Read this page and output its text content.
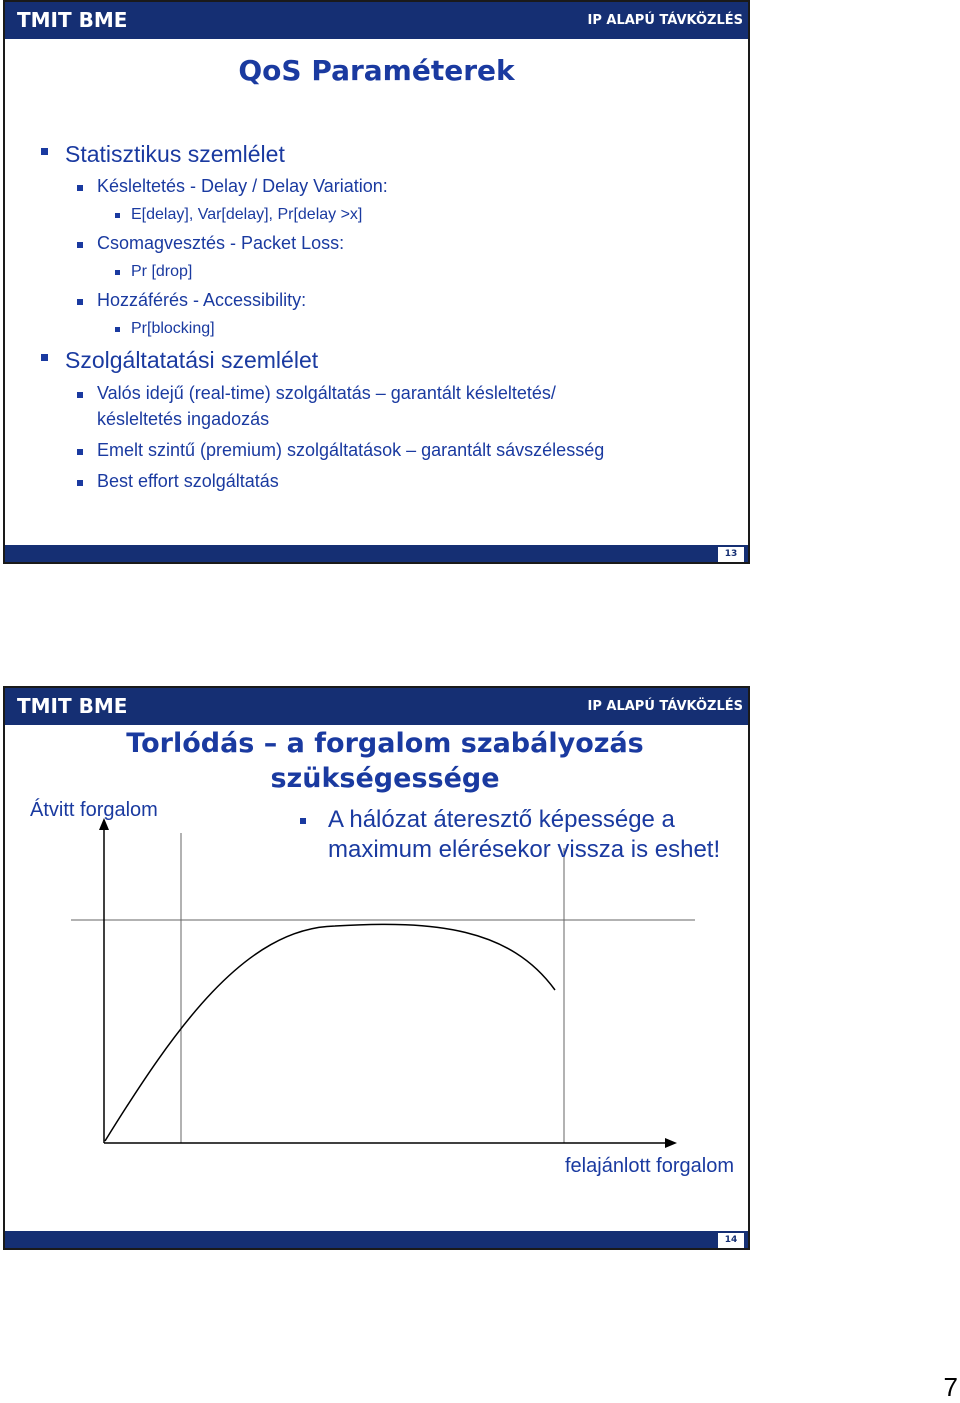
TMIT BME	IP ALAPÚ TÁVKÖZLÉS
QoS Paraméterek
Statisztikus szemlélet
Késleltetés - Delay / Delay Variation:
E[delay], Var[delay], Pr[delay >x]
Csomagvesztés - Packet Loss:
Pr [drop]
Hozzáférés - Accessibility:
Pr[blocking]
Szolgáltatatási szemlélet
Valós idejű (real-time) szolgáltatás – garantált késleltetés/
késleltetés ingadozás
Emelt szintű (premium) szolgáltatások – garantált sávszélesség
Best effort szolgáltatás
13
TMIT BME	IP ALAPÚ TÁVKÖZLÉS
Torlódás – a forgalom szabályozás
szükségessége
Átvitt forgalom
felajánlott forgalom
A hálózat áteresztő képessége a
maximum elérésekor vissza is eshet!
14
7
